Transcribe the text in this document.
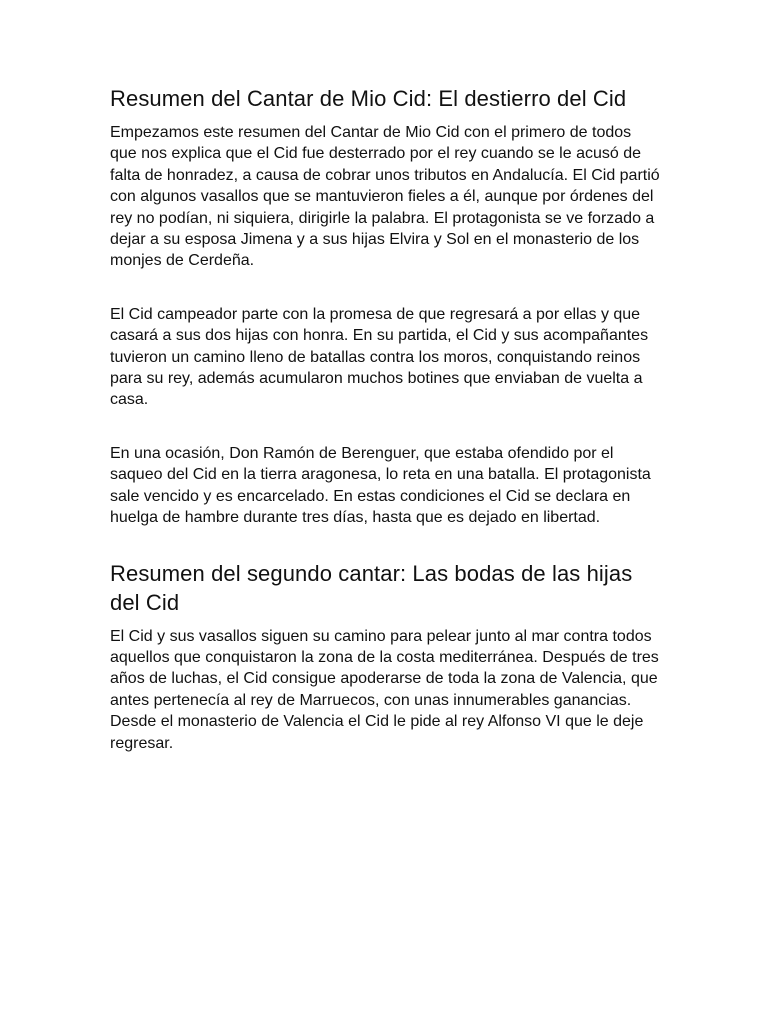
Resumen del Cantar de Mio Cid: El destierro del Cid

Empezamos este resumen del Cantar de Mio Cid con el primero de todos que nos explica que el Cid fue desterrado por el rey cuando se le acusó de falta de honradez, a causa de cobrar unos tributos en Andalucía. El Cid partió con algunos vasallos que se mantuvieron fieles a él, aunque por órdenes del rey no podían, ni siquiera, dirigirle la palabra. El protagonista se ve forzado a dejar a su esposa Jimena y a sus hijas Elvira y Sol en el monasterio de los monjes de Cerdeña.

El Cid campeador parte con la promesa de que regresará a por ellas y que casará a sus dos hijas con honra. En su partida, el Cid y sus acompañantes tuvieron un camino lleno de batallas contra los moros, conquistando reinos para su rey, además acumularon muchos botines que enviaban de vuelta a casa.

En una ocasión, Don Ramón de Berenguer, que estaba ofendido por el saqueo del Cid en la tierra aragonesa, lo reta en una batalla. El protagonista sale vencido y es encarcelado. En estas condiciones el Cid se declara en huelga de hambre durante tres días, hasta que es dejado en libertad.

Resumen del segundo cantar: Las bodas de las hijas del Cid

El Cid y sus vasallos siguen su camino para pelear junto al mar contra todos aquellos que conquistaron la zona de la costa mediterránea. Después de tres años de luchas, el Cid consigue apoderarse de toda la zona de Valencia, que antes pertenecía al rey de Marruecos, con unas innumerables ganancias. Desde el monasterio de Valencia el Cid le pide al rey Alfonso VI que le deje regresar.
